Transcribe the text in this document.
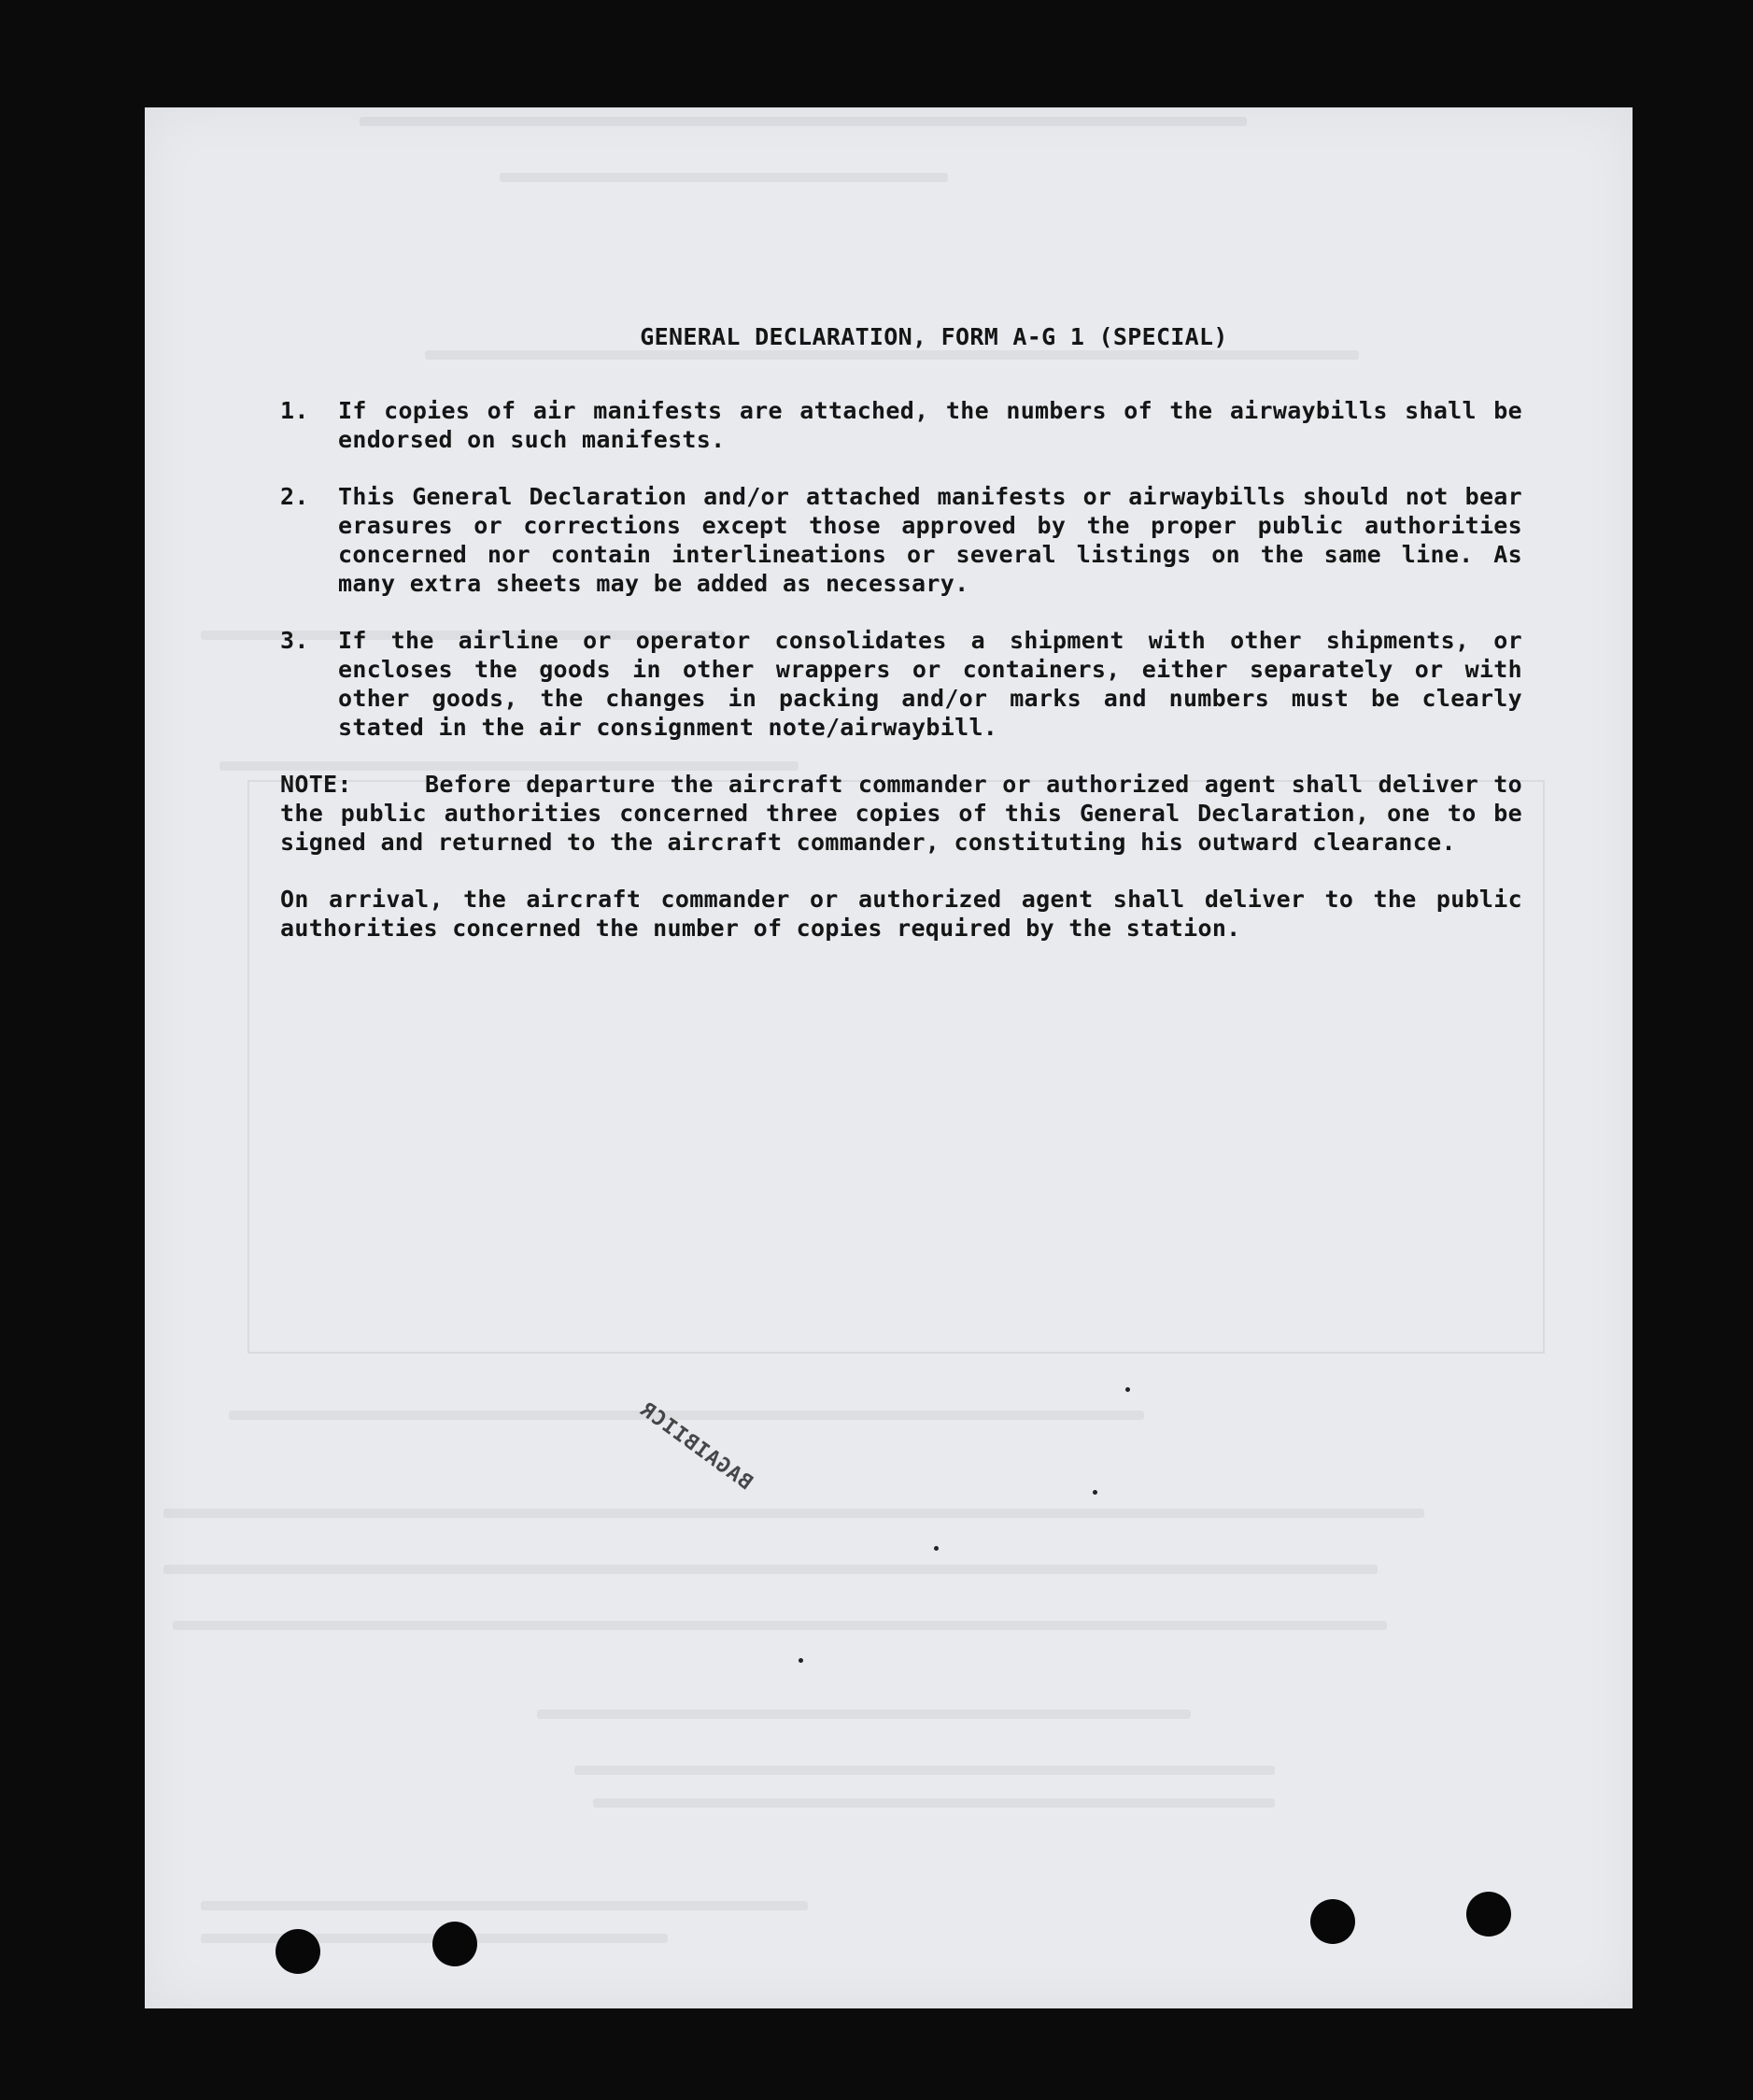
GENERAL DECLARATION, FORM A-G 1 (SPECIAL)
1.	If copies of air manifests are attached, the numbers of the airwaybills shall be endorsed on such manifests.
2.	This General Declaration and/or attached manifests or airwaybills should not bear erasures or corrections except those approved by the proper public authorities concerned nor contain interlineations or several listings on the same line. As many extra sheets may be added as necessary.
3.	If the airline or operator consolidates a shipment with other shipments, or encloses the goods in other wrappers or containers, either separately or with other goods, the changes in packing and/or marks and numbers must be clearly stated in the air consignment note/airwaybill.
NOTE:	Before departure the aircraft commander or authorized agent shall deliver to the public authorities concerned three copies of this General Declaration, one to be signed and returned to the aircraft commander, constituting his outward clearance.
On arrival, the aircraft commander or authorized agent shall deliver to the public authorities concerned the number of copies required by the station.
BAGAIBIICR
